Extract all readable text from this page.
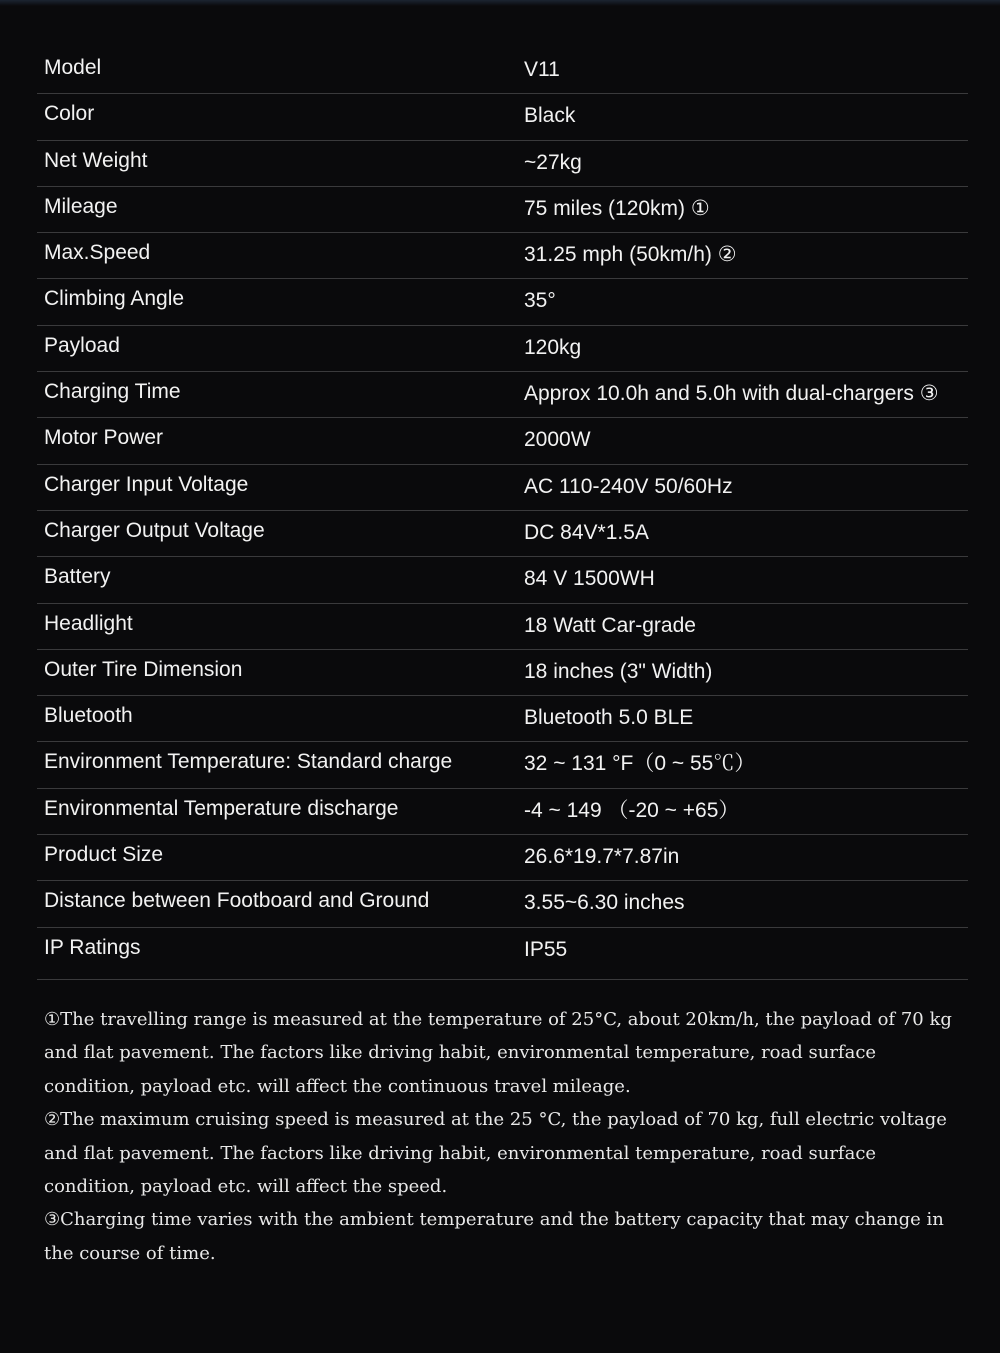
Model	V11
Color	Black
Net Weight	~27kg
Mileage	75 miles (120km) ①
Max.Speed	31.25 mph (50km/h) ②
Climbing Angle	35°
Payload	120kg
Charging Time	Approx 10.0h and 5.0h with dual-chargers ③
Motor Power	2000W
Charger Input Voltage	AC 110-240V 50/60Hz
Charger Output Voltage	DC 84V*1.5A
Battery	84 V 1500WH
Headlight	18 Watt Car-grade
Outer Tire Dimension	18 inches (3" Width)
Bluetooth	Bluetooth 5.0 BLE
Environment Temperature: Standard charge	32 ~ 131 °F（0 ~ 55℃）
Environmental Temperature discharge	-4 ~ 149 （-20 ~ +65）
Product Size	26.6*19.7*7.87in
Distance between Footboard and Ground	3.55~6.30 inches
IP Ratings	IP55

①The travelling range is measured at the temperature of 25°C, about 20km/h, the payload of 70 kg and flat pavement. The factors like driving habit, environmental temperature, road surface condition, payload etc. will affect the continuous travel mileage.

②The maximum cruising speed is measured at the 25 °C, the payload of 70 kg, full electric voltage and flat pavement. The factors like driving habit, environmental temperature, road surface condition, payload etc. will affect the speed.

③Charging time varies with the ambient temperature and the battery capacity that may change in the course of time.
